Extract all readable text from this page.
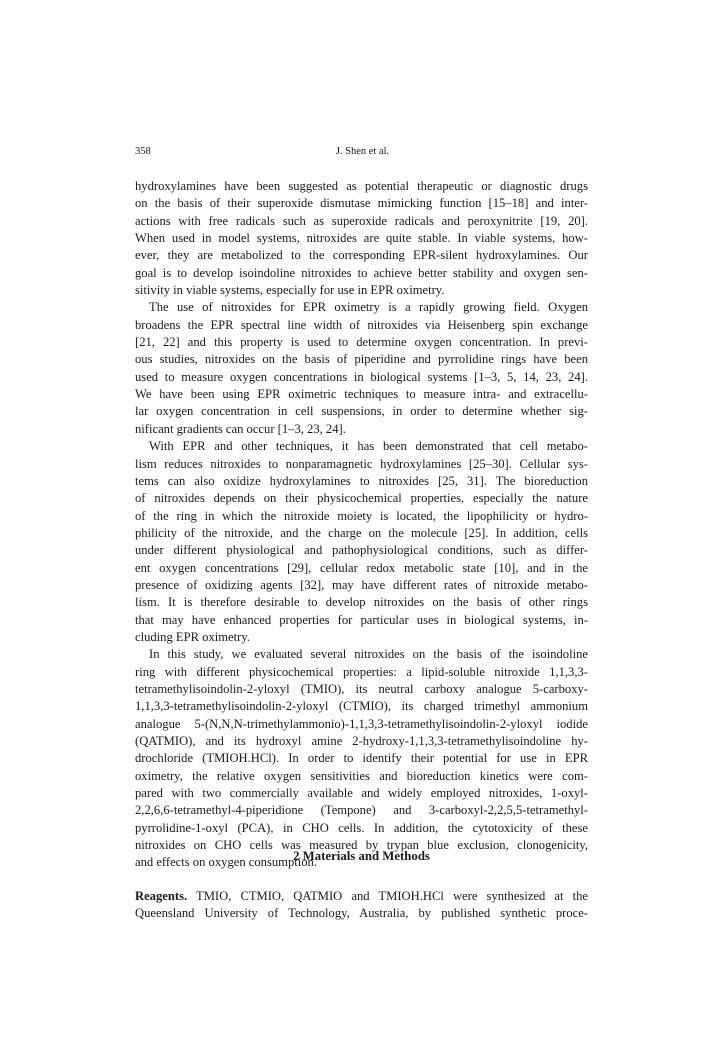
358	J. Shen et al.
hydroxylamines have been suggested as potential therapeutic or diagnostic drugs
on the basis of their superoxide dismutase mimicking function [15–18] and inter-
actions with free radicals such as superoxide radicals and peroxynitrite [19, 20].
When used in model systems, nitroxides are quite stable. In viable systems, how-
ever, they are metabolized to the corresponding EPR-silent hydroxylamines. Our
goal is to develop isoindoline nitroxides to achieve better stability and oxygen sen-
sitivity in viable systems, especially for use in EPR oximetry.
The use of nitroxides for EPR oximetry is a rapidly growing field. Oxygen
broadens the EPR spectral line width of nitroxides via Heisenberg spin exchange
[21, 22] and this property is used to determine oxygen concentration. In previ-
ous studies, nitroxides on the basis of piperidine and pyrrolidine rings have been
used to measure oxygen concentrations in biological systems [1–3, 5, 14, 23, 24].
We have been using EPR oximetric techniques to measure intra- and extracellu-
lar oxygen concentration in cell suspensions, in order to determine whether sig-
nificant gradients can occur [1–3, 23, 24].
With EPR and other techniques, it has been demonstrated that cell metabo-
lism reduces nitroxides to nonparamagnetic hydroxylamines [25–30]. Cellular sys-
tems can also oxidize hydroxylamines to nitroxides [25, 31]. The bioreduction
of nitroxides depends on their physicochemical properties, especially the nature
of the ring in which the nitroxide moiety is located, the lipophilicity or hydro-
philicity of the nitroxide, and the charge on the molecule [25]. In addition, cells
under different physiological and pathophysiological conditions, such as differ-
ent oxygen concentrations [29], cellular redox metabolic state [10], and in the
presence of oxidizing agents [32], may have different rates of nitroxide metabo-
lism. It is therefore desirable to develop nitroxides on the basis of other rings
that may have enhanced properties for particular uses in biological systems, in-
cluding EPR oximetry.
In this study, we evaluated several nitroxides on the basis of the isoindoline
ring with different physicochemical properties: a lipid-soluble nitroxide 1,1,3,3-
tetramethylisoindolin-2-yloxyl (TMIO), its neutral carboxy analogue 5-carboxy-
1,1,3,3-tetramethylisoindolin-2-yloxyl (CTMIO), its charged trimethyl ammonium
analogue 5-(N,N,N-trimethylammonio)-1,1,3,3-tetramethylisoindolin-2-yloxyl iodide
(QATMIO), and its hydroxyl amine 2-hydroxy-1,1,3,3-tetramethylisoindoline hy-
drochloride (TMIOH.HCl). In order to identify their potential for use in EPR
oximetry, the relative oxygen sensitivities and bioreduction kinetics were com-
pared with two commercially available and widely employed nitroxides, 1-oxyl-
2,2,6,6-tetramethyl-4-piperidione (Tempone) and 3-carboxyl-2,2,5,5-tetramethyl-
pyrrolidine-1-oxyl (PCA), in CHO cells. In addition, the cytotoxicity of these
nitroxides on CHO cells was measured by trypan blue exclusion, clonogenicity,
and effects on oxygen consumption.
2 Materials and Methods
Reagents. TMIO, CTMIO, QATMIO and TMIOH.HCl were synthesized at the
Queensland University of Technology, Australia, by published synthetic proce-
